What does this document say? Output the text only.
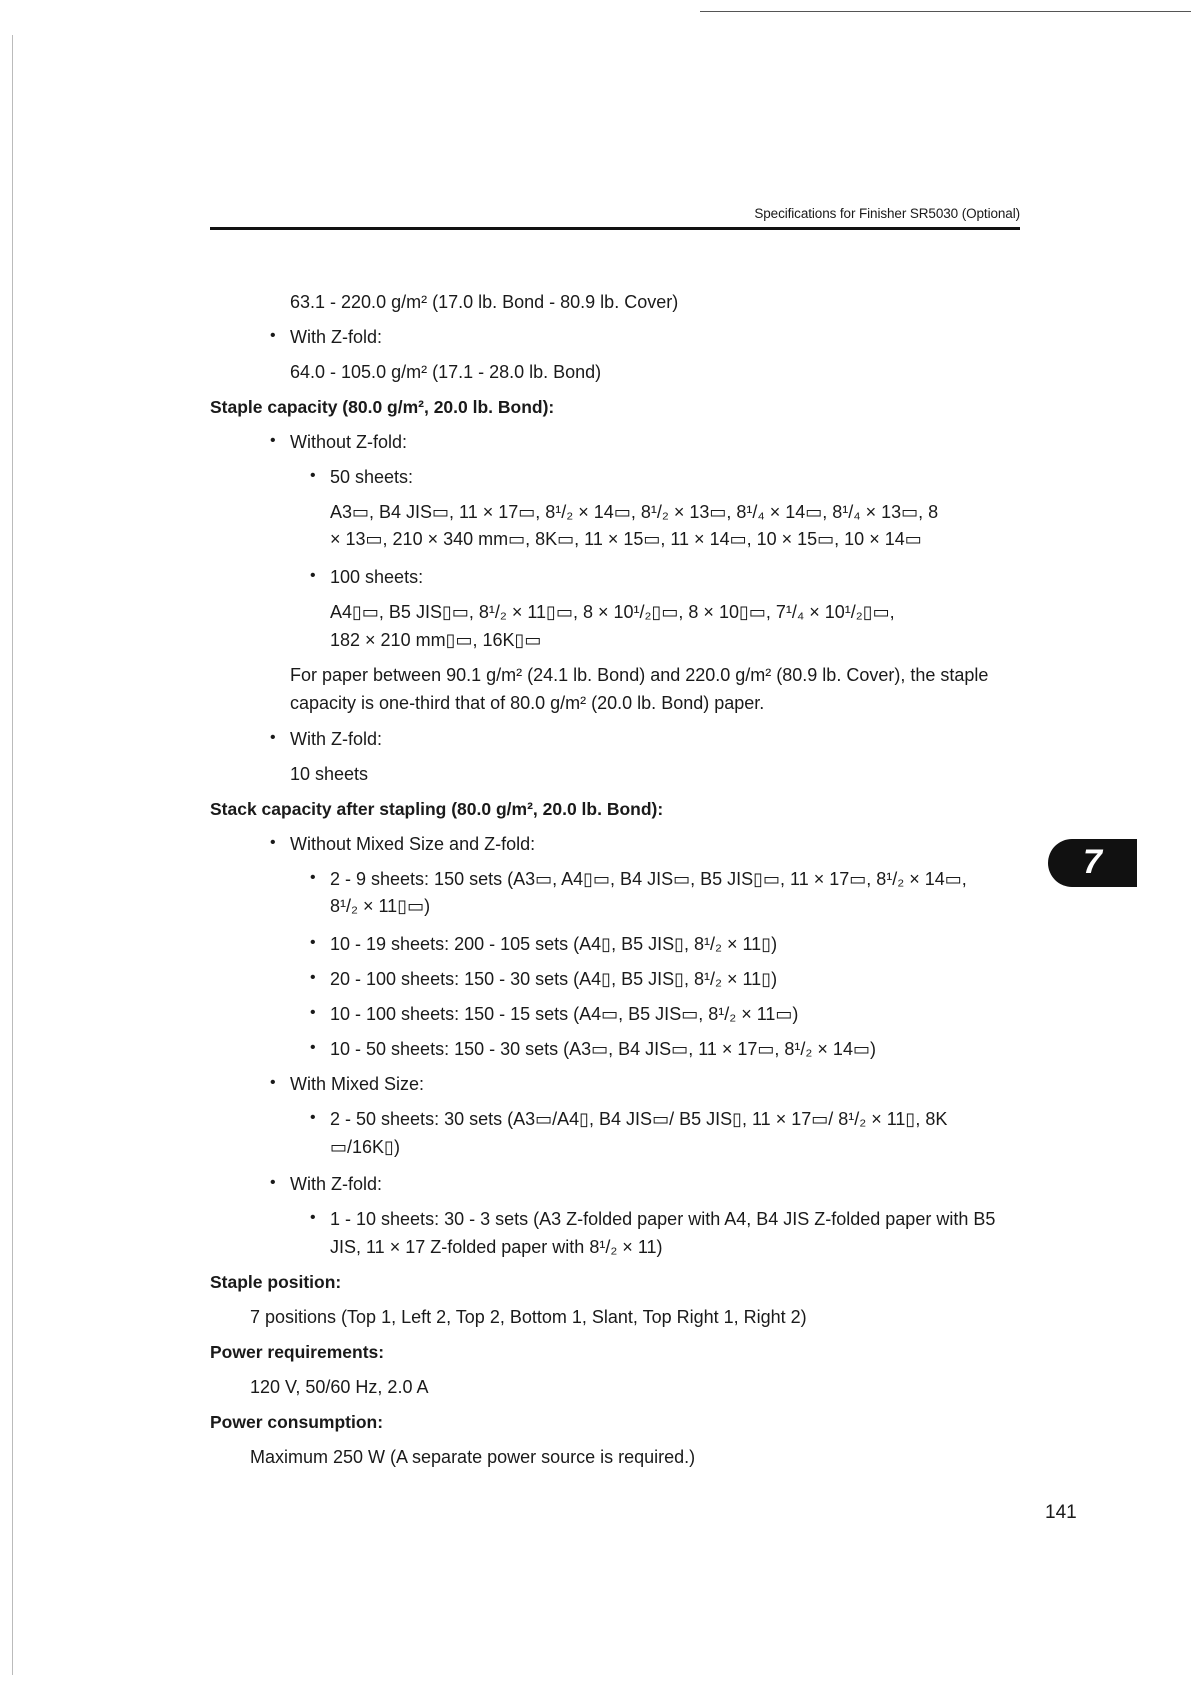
Specifications for Finisher SR5030 (Optional)
63.1 - 220.0 g/m² (17.0 lb. Bond - 80.9 lb. Cover)
• With Z-fold:
64.0 - 105.0 g/m² (17.1 - 28.0 lb. Bond)
Staple capacity (80.0 g/m², 20.0 lb. Bond):
• Without Z-fold:
• 50 sheets:
A3▭, B4 JIS▭, 11 × 17▭, 8¹/₂ × 14▭, 8¹/₂ × 13▭, 8¹/₄ × 14▭, 8¹/₄ × 13▭, 8
× 13▭, 210 × 340 mm▭, 8K▭, 11 × 15▭, 11 × 14▭, 10 × 15▭, 10 × 14▭
• 100 sheets:
A4▯▭, B5 JIS▯▭, 8¹/₂ × 11▯▭, 8 × 10¹/₂▯▭, 8 × 10▯▭, 7¹/₄ × 10¹/₂▯▭,
182 × 210 mm▯▭, 16K▯▭
For paper between 90.1 g/m² (24.1 lb. Bond) and 220.0 g/m² (80.9 lb. Cover), the staple
capacity is one-third that of 80.0 g/m² (20.0 lb. Bond) paper.
• With Z-fold:
10 sheets
Stack capacity after stapling (80.0 g/m², 20.0 lb. Bond):
• Without Mixed Size and Z-fold:
• 2 - 9 sheets: 150 sets (A3▭, A4▯▭, B4 JIS▭, B5 JIS▯▭, 11 × 17▭, 8¹/₂ × 14▭,
8¹/₂ × 11▯▭)
• 10 - 19 sheets: 200 - 105 sets (A4▯, B5 JIS▯, 8¹/₂ × 11▯)
• 20 - 100 sheets: 150 - 30 sets (A4▯, B5 JIS▯, 8¹/₂ × 11▯)
• 10 - 100 sheets: 150 - 15 sets (A4▭, B5 JIS▭, 8¹/₂ × 11▭)
• 10 - 50 sheets: 150 - 30 sets (A3▭, B4 JIS▭, 11 × 17▭, 8¹/₂ × 14▭)
• With Mixed Size:
• 2 - 50 sheets: 30 sets (A3▭/A4▯, B4 JIS▭/ B5 JIS▯, 11 × 17▭/ 8¹/₂ × 11▯, 8K
▭/16K▯)
• With Z-fold:
• 1 - 10 sheets: 30 - 3 sets (A3 Z-folded paper with A4, B4 JIS Z-folded paper with B5
JIS, 11 × 17 Z-folded paper with 8¹/₂ × 11)
Staple position:
7 positions (Top 1, Left 2, Top 2, Bottom 1, Slant, Top Right 1, Right 2)
Power requirements:
120 V, 50/60 Hz, 2.0 A
Power consumption:
Maximum 250 W (A separate power source is required.)
7
141
